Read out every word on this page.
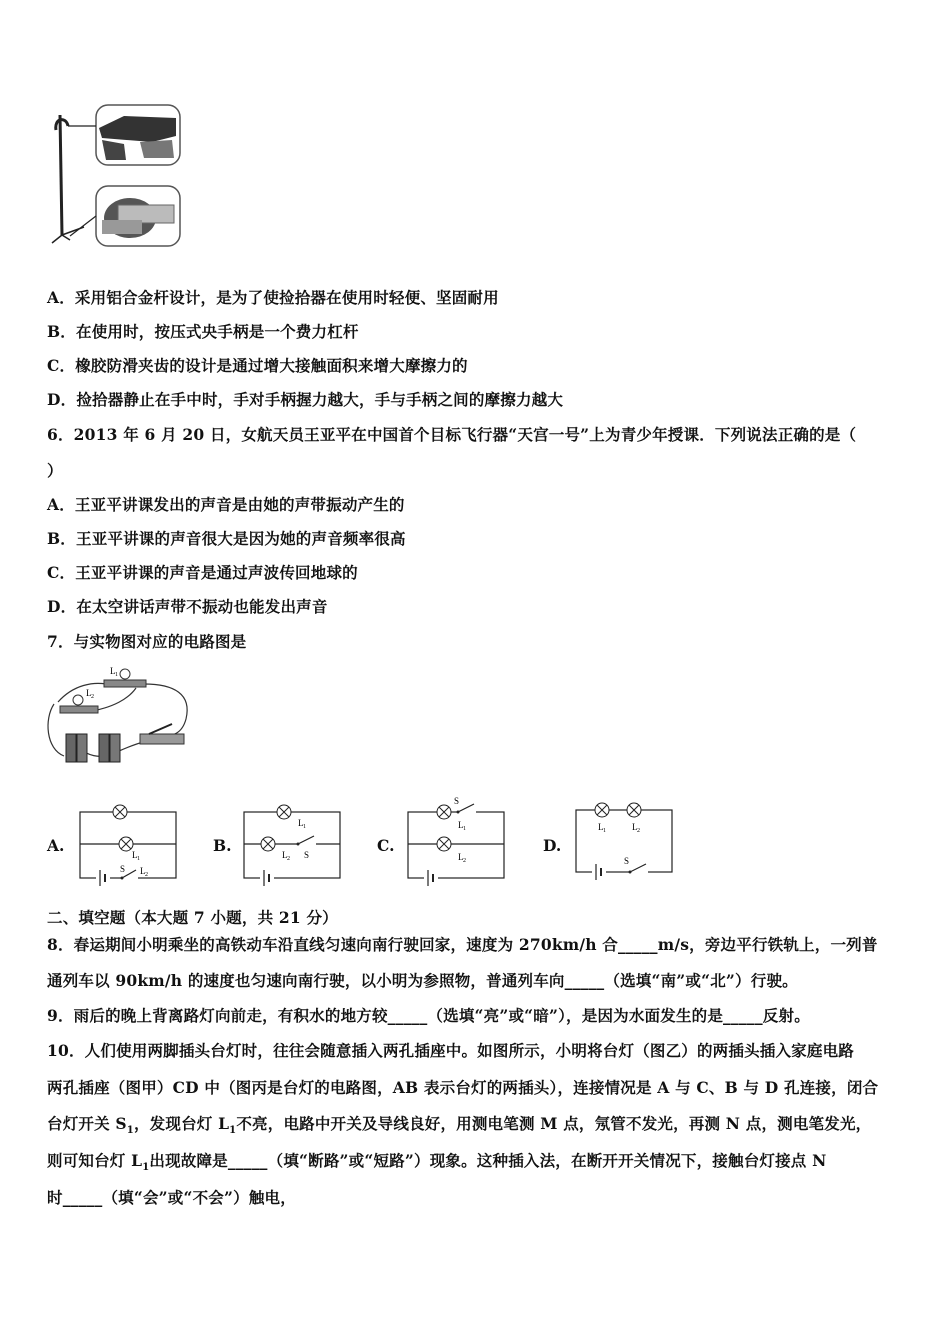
A．采用铝合金杆设计，是为了使捡拾器在使用时轻便、坚固耐用
B．在使用时，按压式央手柄是一个费力杠杆
C．橡胶防滑夹齿的设计是通过增大接触面积来增大摩擦力的
D．捡拾器静止在手中时，手对手柄握力越大，手与手柄之间的摩擦力越大
6．2013 年 6 月 20 日，女航天员王亚平在中国首个目标飞行器“天宫一号”上为青少年授课．下列说法正确的是（
）
A．王亚平讲课发出的声音是由她的声带振动产生的
B．王亚平讲课的声音很大是因为她的声音频率很高
C．王亚平讲课的声音是通过声波传回地球的
D．在太空讲话声带不振动也能发出声音
7．与实物图对应的电路图是
L 1
L 2
A.	L 1
L 2
S
B.
L 1
L 2 S	C.
S
L 1
L 2
D.
L 1	L 2
S
二、填空题（本大题 7 小题，共 21 分）
8．春运期间小明乘坐的高铁动车沿直线匀速向南行驶回家，速度为 270km/h 合_____m/s，旁边平行铁轨上，一列普
通列车以 90km/h 的速度也匀速向南行驶，以小明为参照物，普通列车向_____（选填“南”或“北”）行驶。
9．雨后的晚上背离路灯向前走，有积水的地方较_____（选填“亮”或“暗”），是因为水面发生的是_____反射。
10．人们使用两脚插头台灯时，往往会随意插入两孔插座中。如图所示，小明将台灯（图乙）的两插头插入家庭电路
两孔插座（图甲）CD 中（图丙是台灯的电路图，AB 表示台灯的两插头），连接情况是 A 与 C、B 与 D 孔连接，闭合
台灯开关 $S_1$，发现台灯 $L_1$不亮，电路中开关及导线良好，用测电笔测 M 点，氖管不发光，再测 N 点，测电笔发光，
则可知台灯 $L_1$出现故障是_____（填“断路”或“短路”）现象。这种插入法，在断开开关情况下，接触台灯接点 N
时_____（填“会”或“不会”）触电，
